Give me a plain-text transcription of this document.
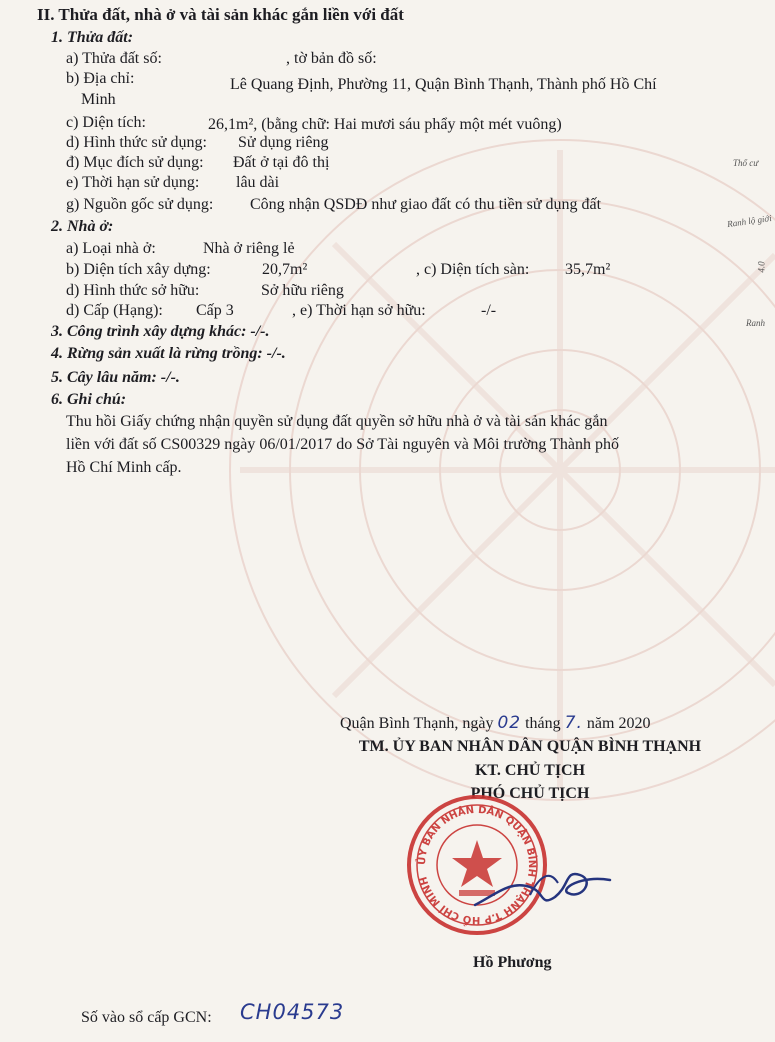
II. Thửa đất, nhà ở và tài sản khác gắn liền với đất
1. Thửa đất:
a) Thửa đất số:	, tờ bản đồ số:
b) Địa chỉ:	Lê Quang Định, Phường 11, Quận Bình Thạnh, Thành phố Hồ Chí
Minh
c) Diện tích:	26,1m², (bằng chữ: Hai mươi sáu phẩy một mét vuông)
d) Hình thức sử dụng: Sử dụng riêng
đ) Mục đích sử dụng: Đất ở tại đô thị
e) Thời hạn sử dụng: lâu dài
g) Nguồn gốc sử dụng: Công nhận QSDĐ như giao đất có thu tiền sử dụng đất
2. Nhà ở:
a) Loại nhà ở:	Nhà ở riêng lẻ
b) Diện tích xây dựng:	20,7m²	, c) Diện tích sàn: 35,7m²
d) Hình thức sở hữu:	Sở hữu riêng
d) Cấp (Hạng): Cấp 3	, e) Thời hạn sở hữu:	-/-
3. Công trình xây dựng khác: -/-.
4. Rừng sản xuất là rừng trồng: -/-.
5. Cây lâu năm: -/-.
6. Ghi chú:
Thu hồi Giấy chứng nhận quyền sử dụng đất quyền sở hữu nhà ở và tài sản khác gắn
liền với đất số CS00329 ngày 06/01/2017 do Sở Tài nguyên và Môi trường Thành phố
Hồ Chí Minh cấp.
Thổ cư
Ranh lộ giới
4.0
Ranh
Quận Bình Thạnh, ngày 02 tháng 7. năm 2020
TM. ỦY BAN NHÂN DÂN QUẬN BÌNH THẠNH
KT. CHỦ TỊCH
PHÓ CHỦ TỊCH
ỦY BAN NHÂN DÂN QUẬN BÌNH THẠNH T.P HỒ CHÍ MINH
Hồ Phương
Số vào sổ cấp GCN: CH04573
